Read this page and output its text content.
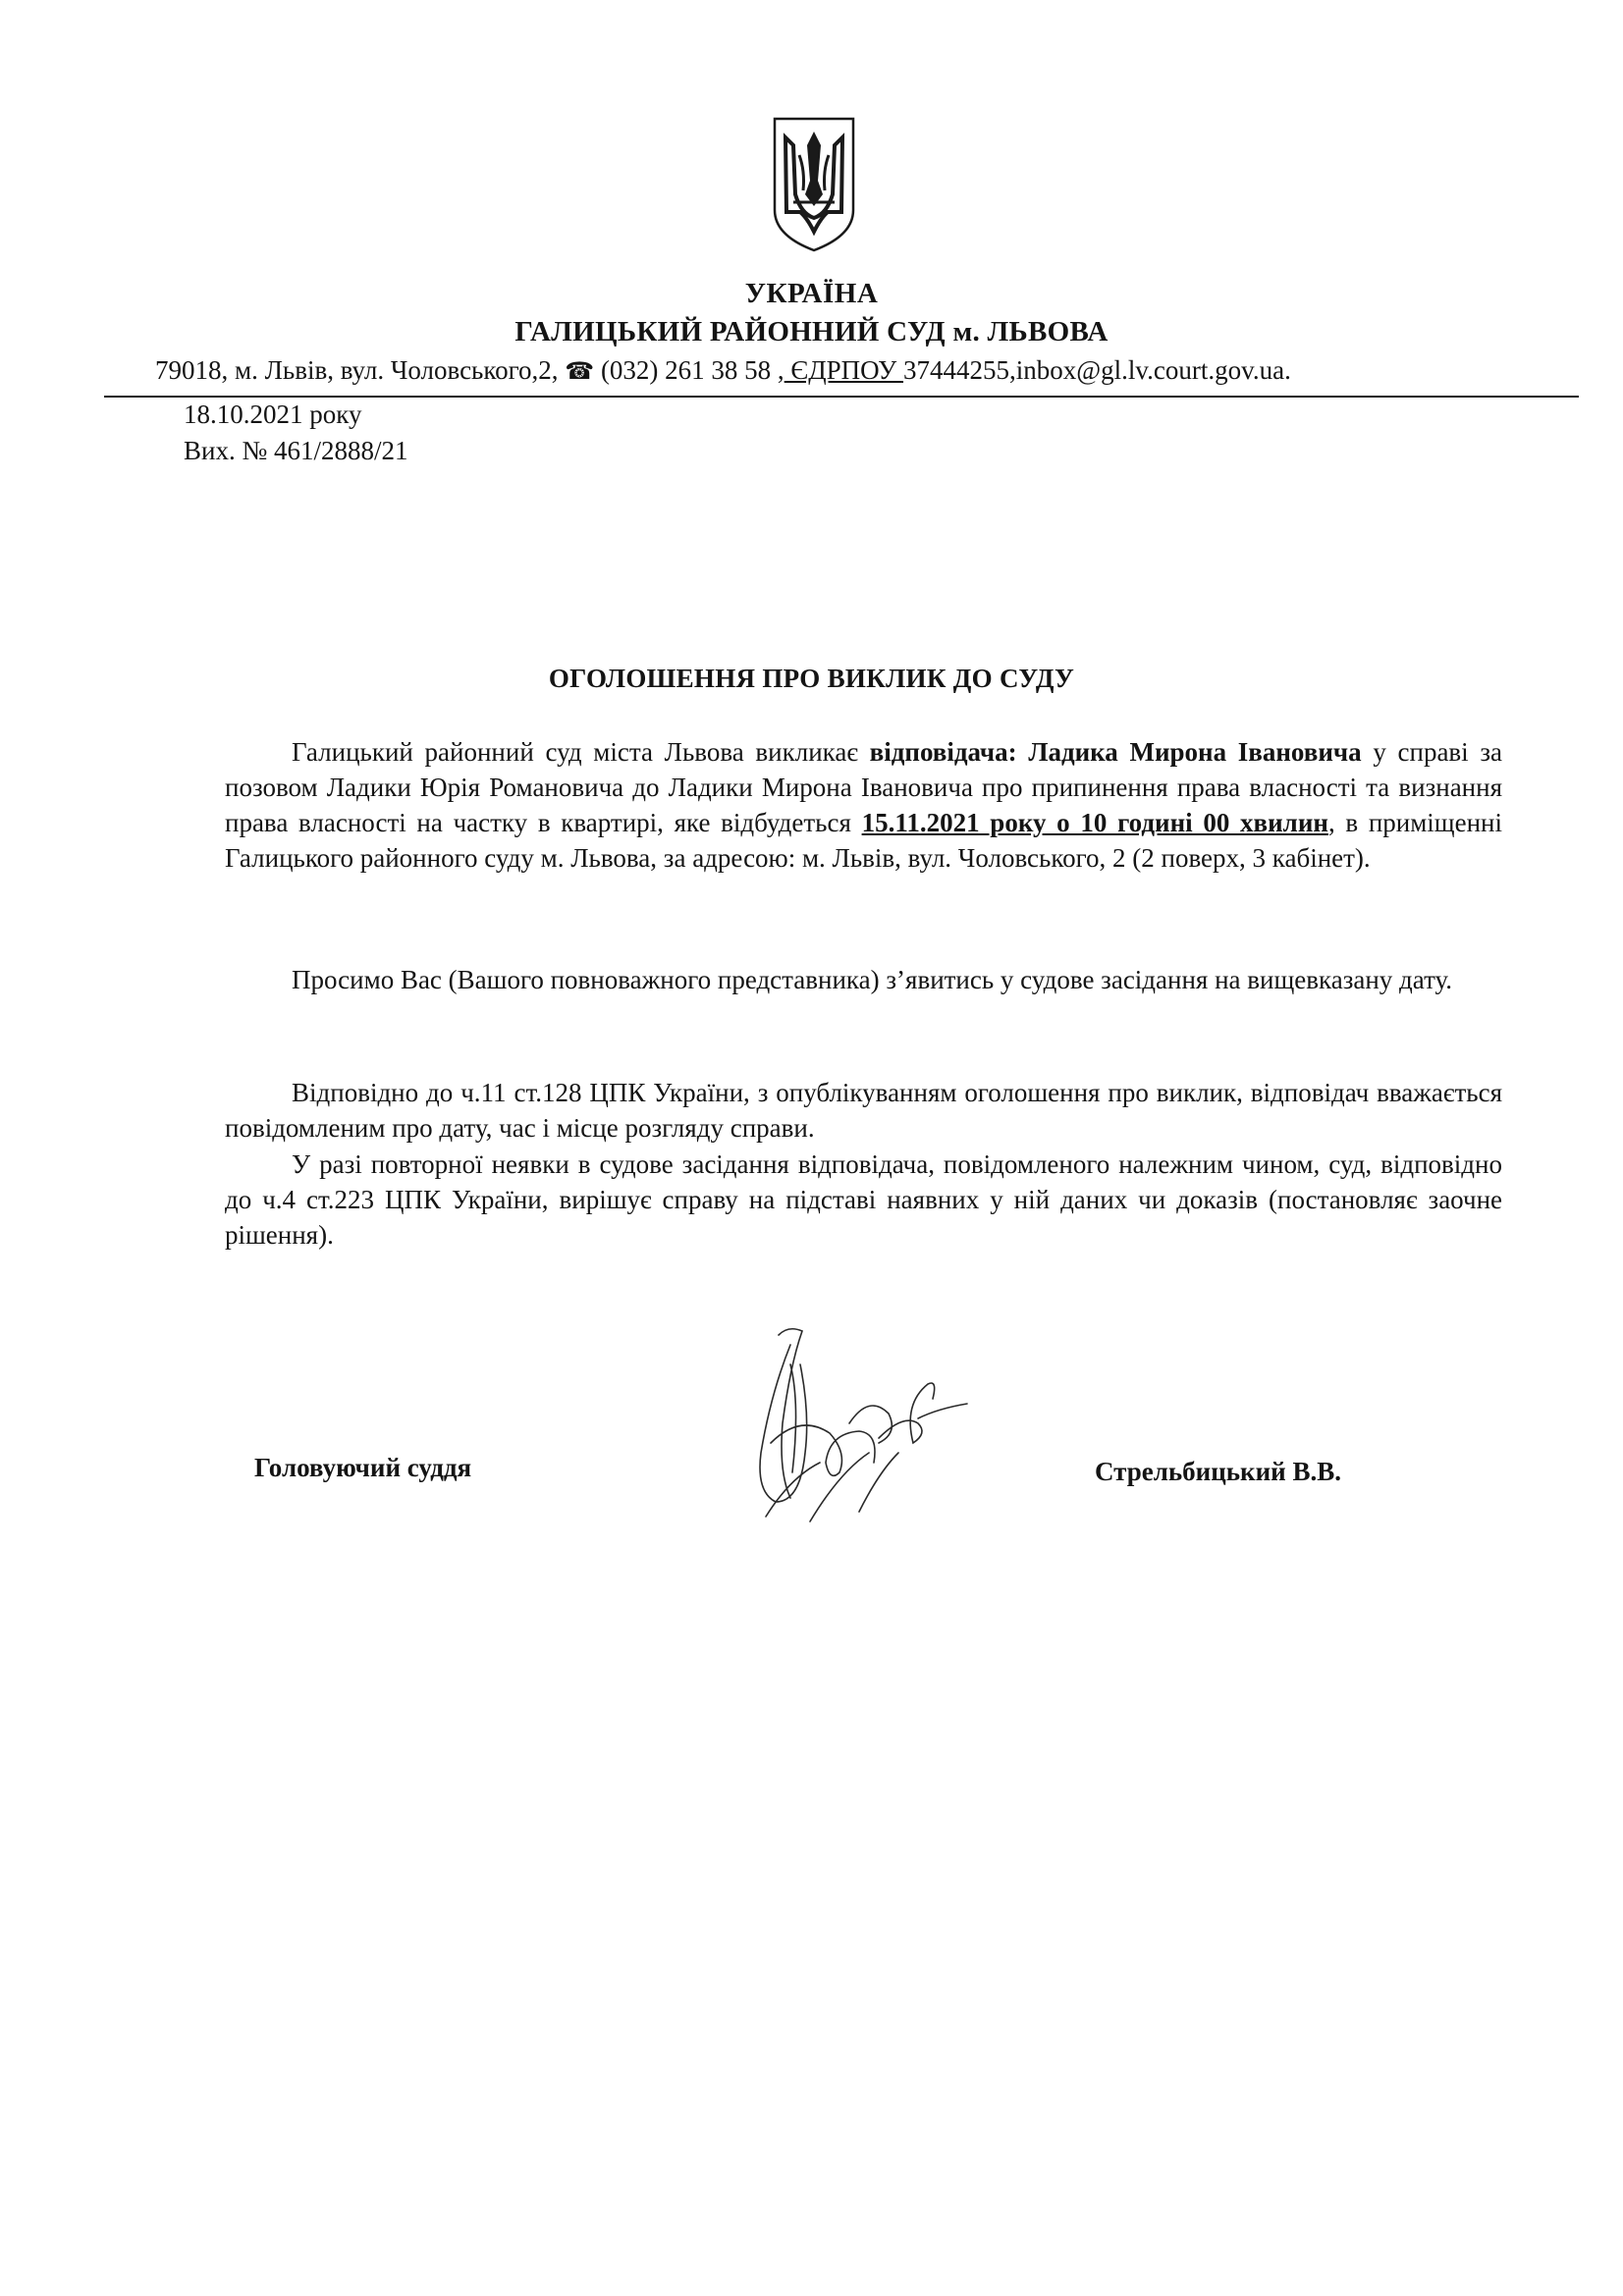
УКРАЇНА
ГАЛИЦЬКИЙ РАЙОННИЙ СУД м. ЛЬВОВА
79018, м. Львів, вул. Чоловського,2, ☎ (032) 261 38 58 , ЄДРПОУ 37444255,inbox@gl.lv.court.gov.ua.
18.10.2021 року
Вих. № 461/2888/21
ОГОЛОШЕННЯ ПРО ВИКЛИК ДО СУДУ
Галицький районний суд міста Львова викликає відповідача: Ладика Мирона Івановича у справі за позовом Ладики Юрія Романовича до Ладики Мирона Івановича про припинення права власності та визнання права власності на частку в квартирі, яке відбудеться 15.11.2021 року о 10 годині 00 хвилин, в приміщенні Галицького районного суду м. Львова, за адресою: м. Львів, вул. Чоловського, 2 (2 поверх, 3 кабінет).
Просимо Вас (Вашого повноважного представника) з’явитись у судове засідання на вищевказану дату.
Відповідно до ч.11 ст.128 ЦПК України, з опублікуванням оголошення про виклик, відповідач вважається повідомленим про дату, час і місце розгляду справи.
У разі повторної неявки в судове засідання відповідача, повідомленого належним чином, суд, відповідно до ч.4 ст.223 ЦПК України, вирішує справу на підставі наявних у ній даних чи доказів (постановляє заочне рішення).
Головуючий суддя	Стрельбицький В.В.
